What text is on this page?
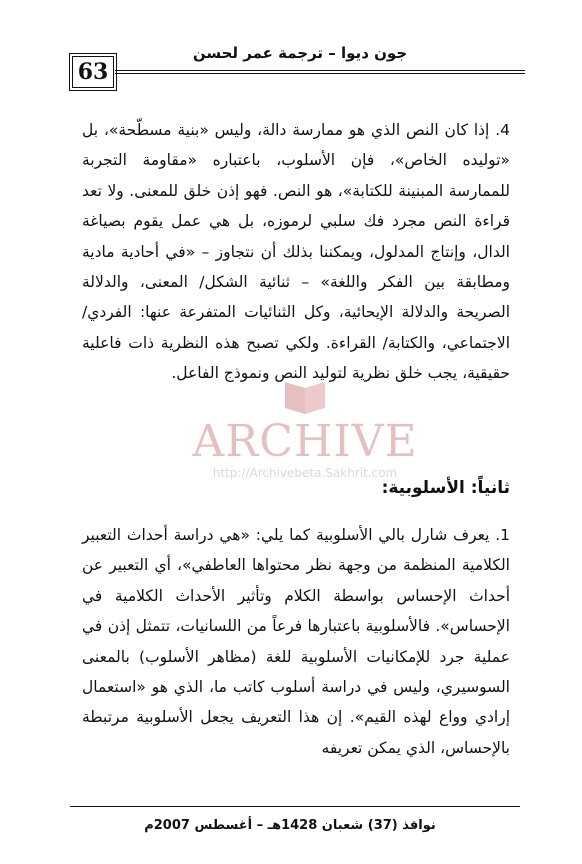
63
جون ديوا – ترجمة عمر لحسن

4. إذا كان النص الذي هو ممارسة دالة، وليس «بنية مسطّحة»، بل «توليده الخاص»، فإن الأسلوب، باعتباره «مقاومة التجربة للممارسة المبنينة للكتابة»، هو النص. فهو إذن خلق للمعنى. ولا تعد قراءة النص مجرد فك سلبي لرموزه، بل هي عمل يقوم بصياغة الدال، وإنتاج المدلول، ويمكننا بذلك أن نتجاوز – «في أحادية مادية ومطابقة بين الفكر واللغة» – ثنائية الشكل/ المعنى، والدلالة الصريحة والدلالة الإيحائية، وكل الثنائيات المتفرعة عنها: الفردي/ الاجتماعي، والكتابة/ القراءة. ولكي تصبح هذه النظرية ذات فاعلية حقيقية، يجب خلق نظرية لتوليد النص ونموذج الفاعل.

ARCHIVE
http://Archivebeta.Sakhrit.com
ثانياً: الأسلوبية:

1. يعرف شارل بالي الأسلوبية كما يلي: «هي دراسة أحداث التعبير الكلامية المنظمة من وجهة نظر محتواها العاطفي»، أي التعبير عن أحداث الإحساس بواسطة الكلام وتأثير الأحداث الكلامية في الإحساس». فالأسلوبية باعتبارها فرعاً من اللسانيات، تتمثل إذن في عملية جرد للإمكانيات الأسلوبية للغة (مظاهر الأسلوب) بالمعنى السوسيري، وليس في دراسة أسلوب كاتب ما، الذي هو «استعمال إرادي وواع لهذه القيم». إن هذا التعريف يجعل الأسلوبية مرتبطة بالإحساس، الذي يمكن تعريفه

نوافذ (37) شعبان 1428هـ – أغسطس 2007م
